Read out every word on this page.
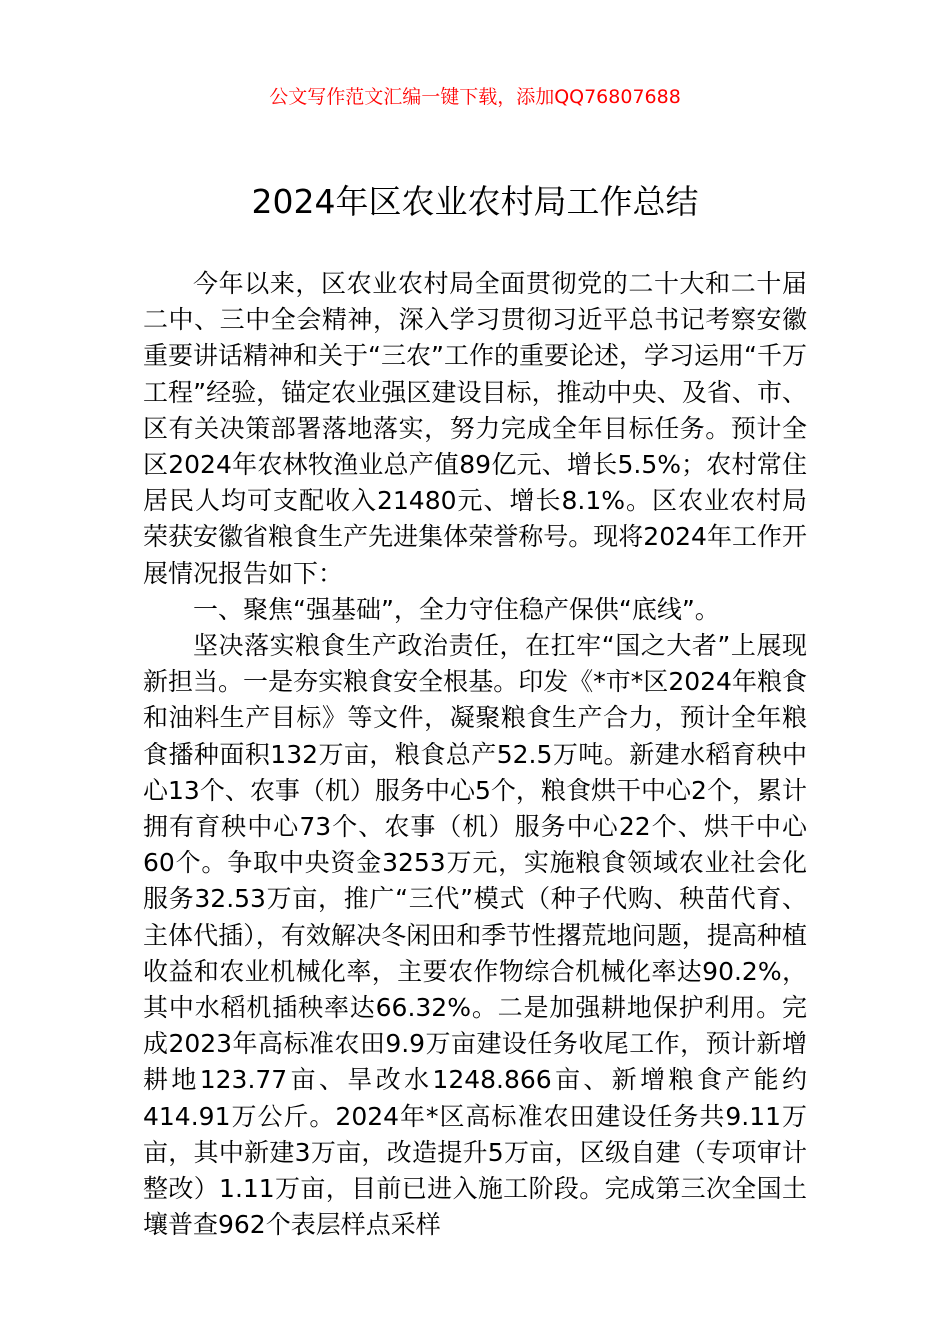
公文写作范文汇编一键下载，添加QQ76807688
2024年区农业农村局工作总结

今年以来，区农业农村局全面贯彻党的二十大和二十届二中、三中全会精神，深入学习贯彻习近平总书记考察安徽重要讲话精神和关于“三农”工作的重要论述，学习运用“千万工程”经验，锚定农业强区建设目标，推动中央、及省、市、区有关决策部署落地落实，努力完成全年目标任务。预计全区2024年农林牧渔业总产值89亿元、增长5.5%；农村常住居民人均可支配收入21480元、增长8.1%。区农业农村局荣获安徽省粮食生产先进集体荣誉称号。现将2024年工作开展情况报告如下：

一、聚焦“强基础”，全力守住稳产保供“底线”。

坚决落实粮食生产政治责任，在扛牢“国之大者”上展现新担当。一是夯实粮食安全根基。印发《*市*区2024年粮食和油料生产目标》等文件，凝聚粮食生产合力，预计全年粮食播种面积132万亩，粮食总产52.5万吨。新建水稻育秧中心13个、农事（机）服务中心5个，粮食烘干中心2个，累计拥有育秧中心73个、农事（机）服务中心22个、烘干中心60个。争取中央资金3253万元，实施粮食领域农业社会化服务32.53万亩，推广“三代”模式（种子代购、秧苗代育、主体代插），有效解决冬闲田和季节性撂荒地问题，提高种植收益和农业机械化率，主要农作物综合机械化率达90.2%，其中水稻机插秧率达66.32%。二是加强耕地保护利用。完成2023年高标准农田9.9万亩建设任务收尾工作，预计新增耕地123.77亩、旱改水1248.866亩、新增粮食产能约414.91万公斤。2024年*区高标准农田建设任务共9.11万亩，其中新建3万亩，改造提升5万亩，区级自建（专项审计整改）1.11万亩，目前已进入施工阶段。完成第三次全国土壤普查962个表层样点采样
